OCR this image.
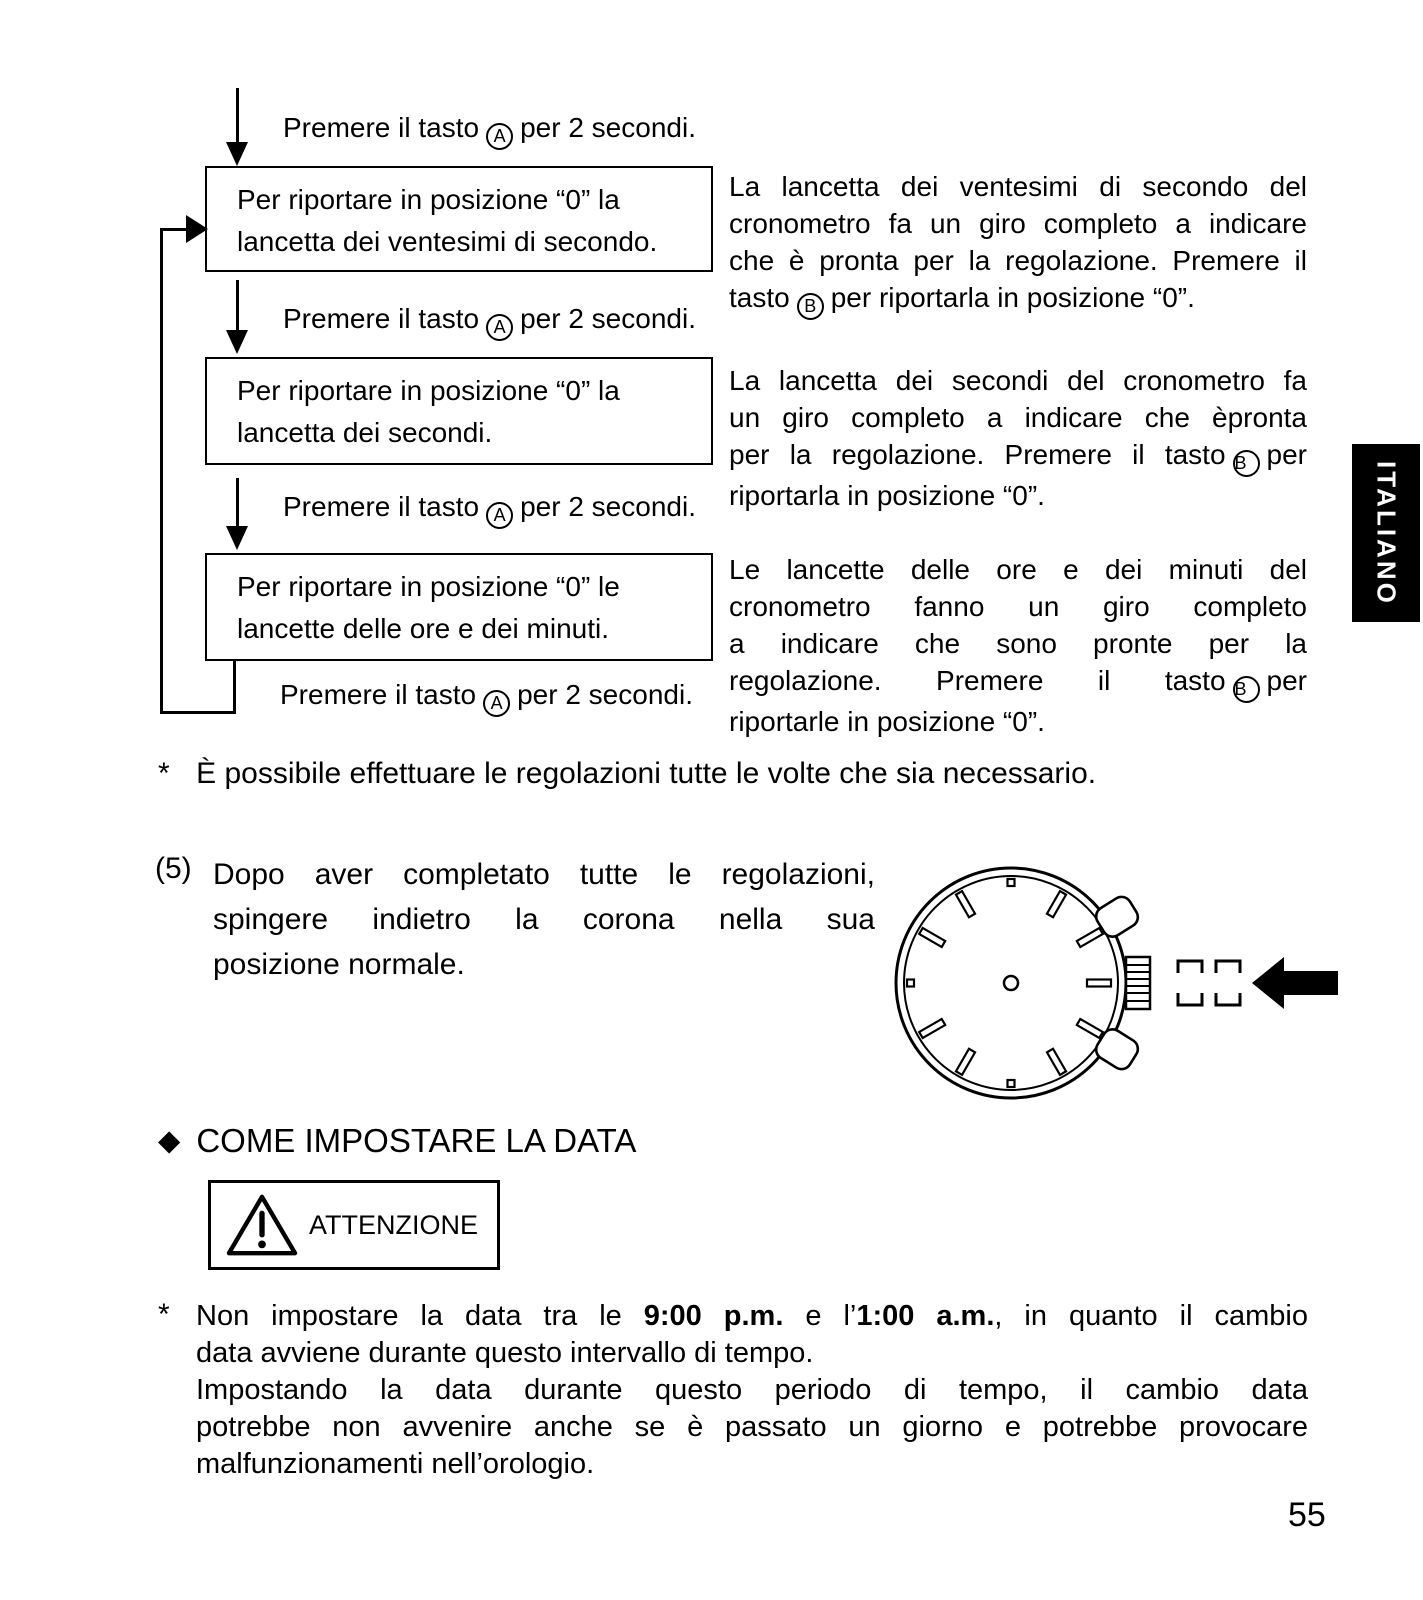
Premere il tasto A per 2 secondi.
Per riportare in posizione “0” la
lancetta dei ventesimi di secondo.
Premere il tasto A per 2 secondi.
Per riportare in posizione “0” la
lancetta dei secondi.
Premere il tasto A per 2 secondi.
Per riportare in posizione “0” le
lancette delle ore e dei minuti.
Premere il tasto A per 2 secondi.
La lancetta dei ventesimi di secondo del
cronometro fa un giro completo a indicare
che è pronta per la regolazione. Premere il
tasto B per riportarla in posizione “0”.
La lancetta dei secondi del cronometro fa
un giro completo a indicare che èpronta
per la regolazione. Premere il tasto B per
riportarla in posizione “0”.
Le lancette delle ore e dei minuti del
cronometro fanno un giro completo
a indicare che sono pronte per la
regolazione. Premere il tasto B per
riportarle in posizione “0”.
ITALIANO
* È possibile effettuare le regolazioni tutte le volte che sia necessario.
(5) Dopo aver completato tutte le regolazioni,
spingere indietro la corona nella sua
posizione normale.
◆ COME IMPOSTARE LA DATA
ATTENZIONE
* Non impostare la data tra le 9:00 p.m. e l’1:00 a.m., in quanto il cambio
data avviene durante questo intervallo di tempo.
Impostando la data durante questo periodo di tempo, il cambio data
potrebbe non avvenire anche se è passato un giorno e potrebbe provocare
malfunzionamenti nell’orologio.
55
